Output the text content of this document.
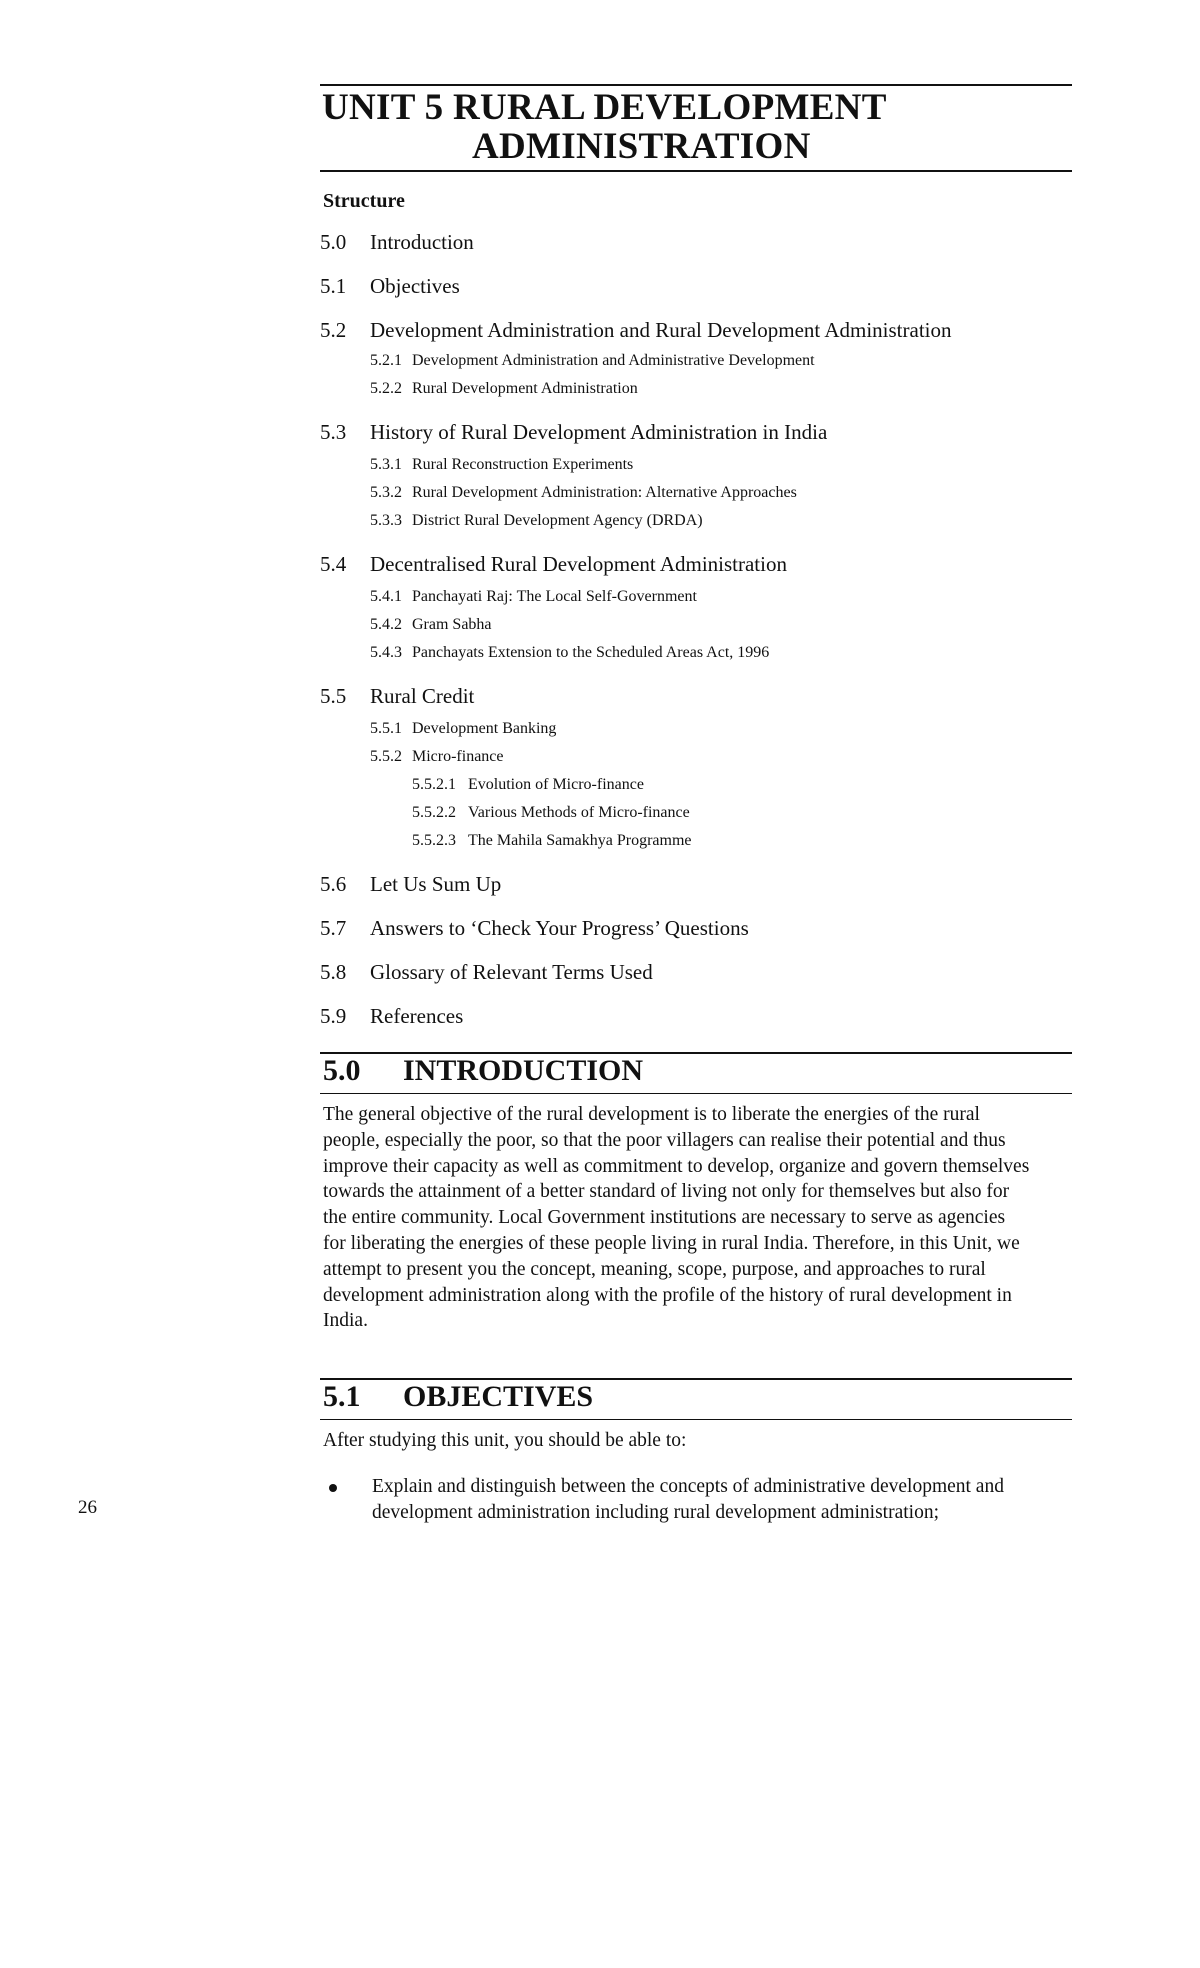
UNIT 5 RURAL DEVELOPMENT
ADMINISTRATION
Structure
5.0 Introduction
5.1 Objectives
5.2 Development Administration and Rural Development Administration
5.2.1 Development Administration and Administrative Development
5.2.2 Rural Development Administration
5.3 History of Rural Development Administration in India
5.3.1 Rural Reconstruction Experiments
5.3.2 Rural Development Administration: Alternative Approaches
5.3.3 District Rural Development Agency (DRDA)
5.4 Decentralised Rural Development Administration
5.4.1 Panchayati Raj: The Local Self-Government
5.4.2 Gram Sabha
5.4.3 Panchayats Extension to the Scheduled Areas Act, 1996
5.5 Rural Credit
5.5.1 Development Banking
5.5.2 Micro-finance
5.5.2.1 Evolution of Micro-finance
5.5.2.2 Various Methods of Micro-finance
5.5.2.3 The Mahila Samakhya Programme
5.6 Let Us Sum Up
5.7 Answers to ‘Check Your Progress’ Questions
5.8 Glossary of Relevant Terms Used
5.9 References
5.0 INTRODUCTION
The general objective of the rural development is to liberate the energies of the rural
people, especially the poor, so that the poor villagers can realise their potential and thus
improve their capacity as well as commitment to develop, organize and govern themselves
towards the attainment of a better standard of living not only for themselves but also for
the entire community. Local Government institutions are necessary to serve as agencies
for liberating the energies of these people living in rural India. Therefore, in this Unit, we
attempt to present you the concept, meaning, scope, purpose, and approaches to rural
development administration along with the profile of the history of rural development in
India.
5.1 OBJECTIVES
After studying this unit, you should be able to:
Explain and distinguish between the concepts of administrative development and
development administration including rural development administration;
26
